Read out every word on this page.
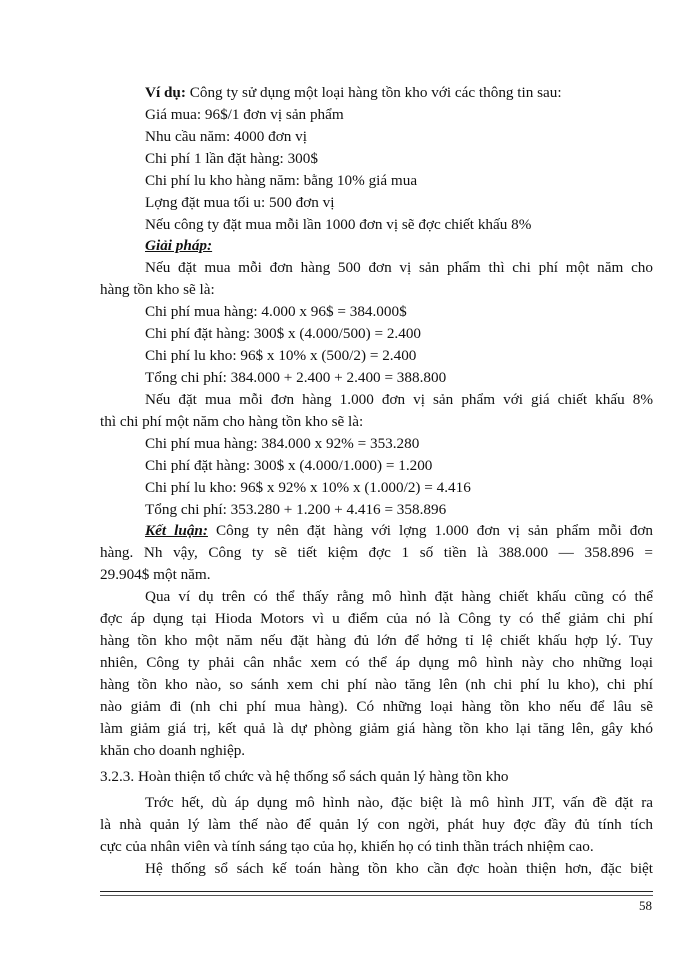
Ví dụ: Công ty sử dụng một loại hàng tồn kho với các thông tin sau:
Giá mua: 96$/1 đơn vị sản phẩm
Nhu cầu năm: 4000 đơn vị
Chi phí 1 lần đặt hàng: 300$
Chi phí lu kho hàng năm: bằng 10% giá mua
Lợng đặt mua tối u: 500 đơn vị
Nếu công ty đặt mua mỗi lần 1000 đơn vị sẽ đợc chiết khấu 8%
Giải pháp:
Nếu đặt mua mỗi đơn hàng 500 đơn vị sản phẩm thì chi phí một năm cho
hàng tồn kho sẽ là:
Chi phí mua hàng: 4.000 x 96$ = 384.000$
Chi phí đặt hàng: 300$ x (4.000/500) = 2.400
Chi phí lu kho: 96$ x 10% x (500/2) = 2.400
Tổng chi phí: 384.000 + 2.400 + 2.400 = 388.800
Nếu đặt mua mỗi đơn hàng 1.000 đơn vị sản phẩm với giá chiết khấu 8%
thì chi phí một năm cho hàng tồn kho sẽ là:
Chi phí mua hàng: 384.000 x 92% = 353.280
Chi phí đặt hàng: 300$ x (4.000/1.000) = 1.200
Chi phí lu kho: 96$ x 92% x 10% x (1.000/2) = 4.416
Tổng chi phí: 353.280 + 1.200 + 4.416 = 358.896
Kết luận: Công ty nên đặt hàng với lợng 1.000 đơn vị sản phẩm mỗi đơn
hàng. Nh vậy, Công ty sẽ tiết kiệm đợc 1 số tiền là 388.000 — 358.896 =
29.904$ một năm.
Qua ví dụ trên có thể thấy rằng mô hình đặt hàng chiết khấu cũng có thể
đợc áp dụng tại Hioda Motors vì u điểm của nó là Công ty có thể giảm chi phí
hàng tồn kho một năm nếu đặt hàng đủ lớn để hởng tỉ lệ chiết khấu hợp lý. Tuy
nhiên, Công ty phải cân nhắc xem có thể áp dụng mô hình này cho những loại
hàng tồn kho nào, so sánh xem chi phí nào tăng lên (nh chi phí lu kho), chi phí
nào giảm đi (nh chi phí mua hàng). Có những loại hàng tồn kho nếu để lâu sẽ
làm giảm giá trị, kết quả là dự phòng giảm giá hàng tồn kho lại tăng lên, gây khó
khăn cho doanh nghiệp.
3.2.3. Hoàn thiện tổ chức và hệ thống sổ sách quản lý hàng tồn kho
Trớc hết, dù áp dụng mô hình nào, đặc biệt là mô hình JIT, vấn đề đặt ra
là nhà quản lý làm thế nào để quản lý con ngời, phát huy đợc đầy đủ tính tích
cực của nhân viên và tính sáng tạo của họ, khiến họ có tinh thần trách nhiệm cao.
Hệ thống sổ sách kế toán hàng tồn kho cần đợc hoàn thiện hơn, đặc biệt
58
